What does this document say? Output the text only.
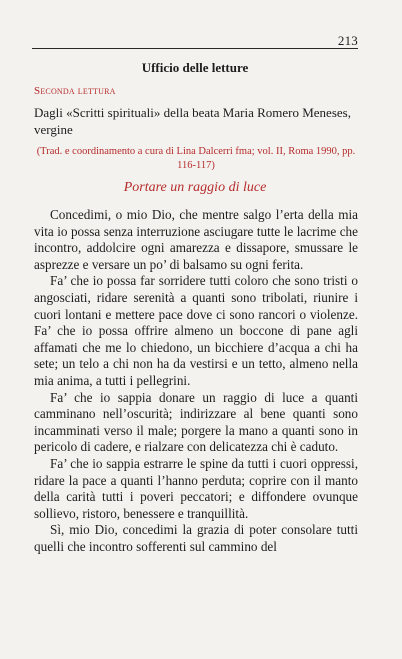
213
Ufficio delle letture
Seconda lettura
Dagli «Scritti spirituali» della beata Maria Romero Meneses, vergine
(Trad. e coordinamento a cura di Lina Dalcerri fma; vol. II, Roma 1990, pp. 116-117)
Portare un raggio di luce

Concedimi, o mio Dio, che mentre salgo l’erta della mia vita io possa senza interruzione asciugare tutte le lacrime che incontro, addolcire ogni amarezza e dissapore, smussare le asprezze e versare un po’ di balsamo su ogni ferita.

Fa’ che io possa far sorridere tutti coloro che sono tristi o angosciati, ridare serenità a quanti sono tribolati, riunire i cuori lontani e mettere pace dove ci sono rancori o violenze. Fa’ che io possa offrire almeno un boccone di pane agli affamati che me lo chiedono, un bicchiere d’acqua a chi ha sete; un telo a chi non ha da vestirsi e un tetto, almeno nella mia anima, a tutti i pellegrini.

Fa’ che io sappia donare un raggio di luce a quanti camminano nell’oscurità; indirizzare al bene quanti sono incamminati verso il male; porgere la mano a quanti sono in pericolo di cadere, e rialzare con delicatezza chi è caduto.

Fa’ che io sappia estrarre le spine da tutti i cuori oppressi, ridare la pace a quanti l’hanno perduta; coprire con il manto della carità tutti i poveri peccatori; e diffondere ovunque sollievo, ristoro, benessere e tranquillità.

Sì, mio Dio, concedimi la grazia di poter consolare tutti quelli che incontro sofferenti sul cammino del
